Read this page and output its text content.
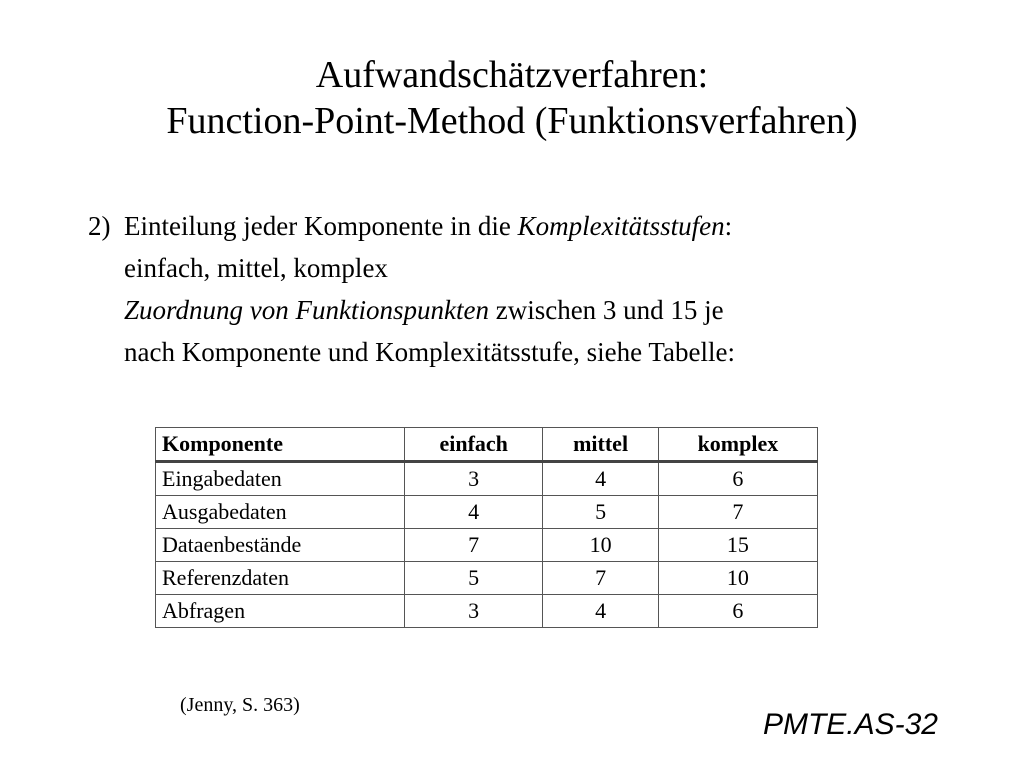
Aufwandschätzverfahren:
Function-Point-Method (Funktionsverfahren)
2) Einteilung jeder Komponente in die Komplexitätsstufen:
einfach, mittel, komplex
Zuordnung von Funktionspunkten zwischen 3 und 15 je
nach Komponente und Komplexitätsstufe, siehe Tabelle:
Komponente	einfach	mittel	komplex
Eingabedaten	3	4	6
Ausgabedaten	4	5	7
Dataenbestände	7	10	15
Referenzdaten	5	7	10
Abfragen	3	4	6
(Jenny, S. 363)
PMTE.AS-32
